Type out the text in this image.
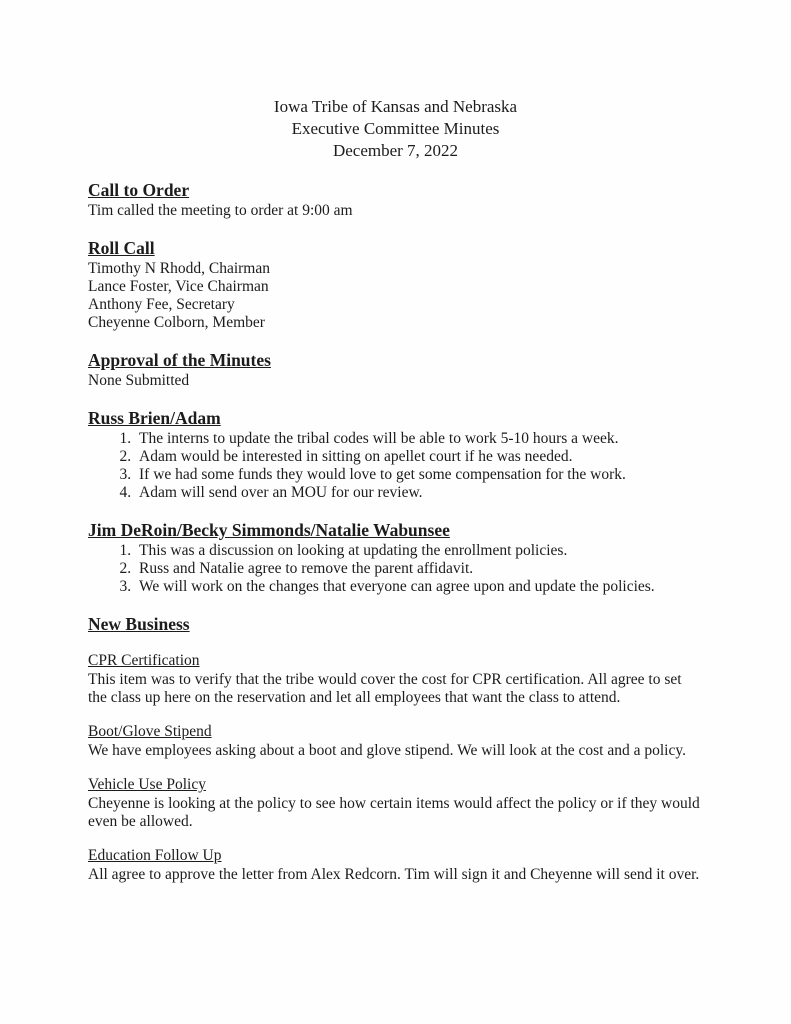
Iowa Tribe of Kansas and Nebraska
Executive Committee Minutes
December 7, 2022
Call to Order

Tim called the meeting to order at 9:00 am

Roll Call
Timothy N Rhodd, Chairman
Lance Foster, Vice Chairman
Anthony Fee, Secretary
Cheyenne Colborn, Member
Approval of the Minutes

None Submitted

Russ Brien/Adam
1. The interns to update the tribal codes will be able to work 5-10 hours a week.
2. Adam would be interested in sitting on apellet court if he was needed.
3. If we had some funds they would love to get some compensation for the work.
4. Adam will send over an MOU for our review.
Jim DeRoin/Becky Simmonds/Natalie Wabunsee
1. This was a discussion on looking at updating the enrollment policies.
2. Russ and Natalie agree to remove the parent affidavit.
3. We will work on the changes that everyone can agree upon and update the policies.
New Business
CPR Certification

This item was to verify that the tribe would cover the cost for CPR certification. All agree to set the class up here on the reservation and let all employees that want the class to attend.

Boot/Glove Stipend

We have employees asking about a boot and glove stipend. We will look at the cost and a policy.

Vehicle Use Policy

Cheyenne is looking at the policy to see how certain items would affect the policy or if they would even be allowed.

Education Follow Up

All agree to approve the letter from Alex Redcorn. Tim will sign it and Cheyenne will send it over.
